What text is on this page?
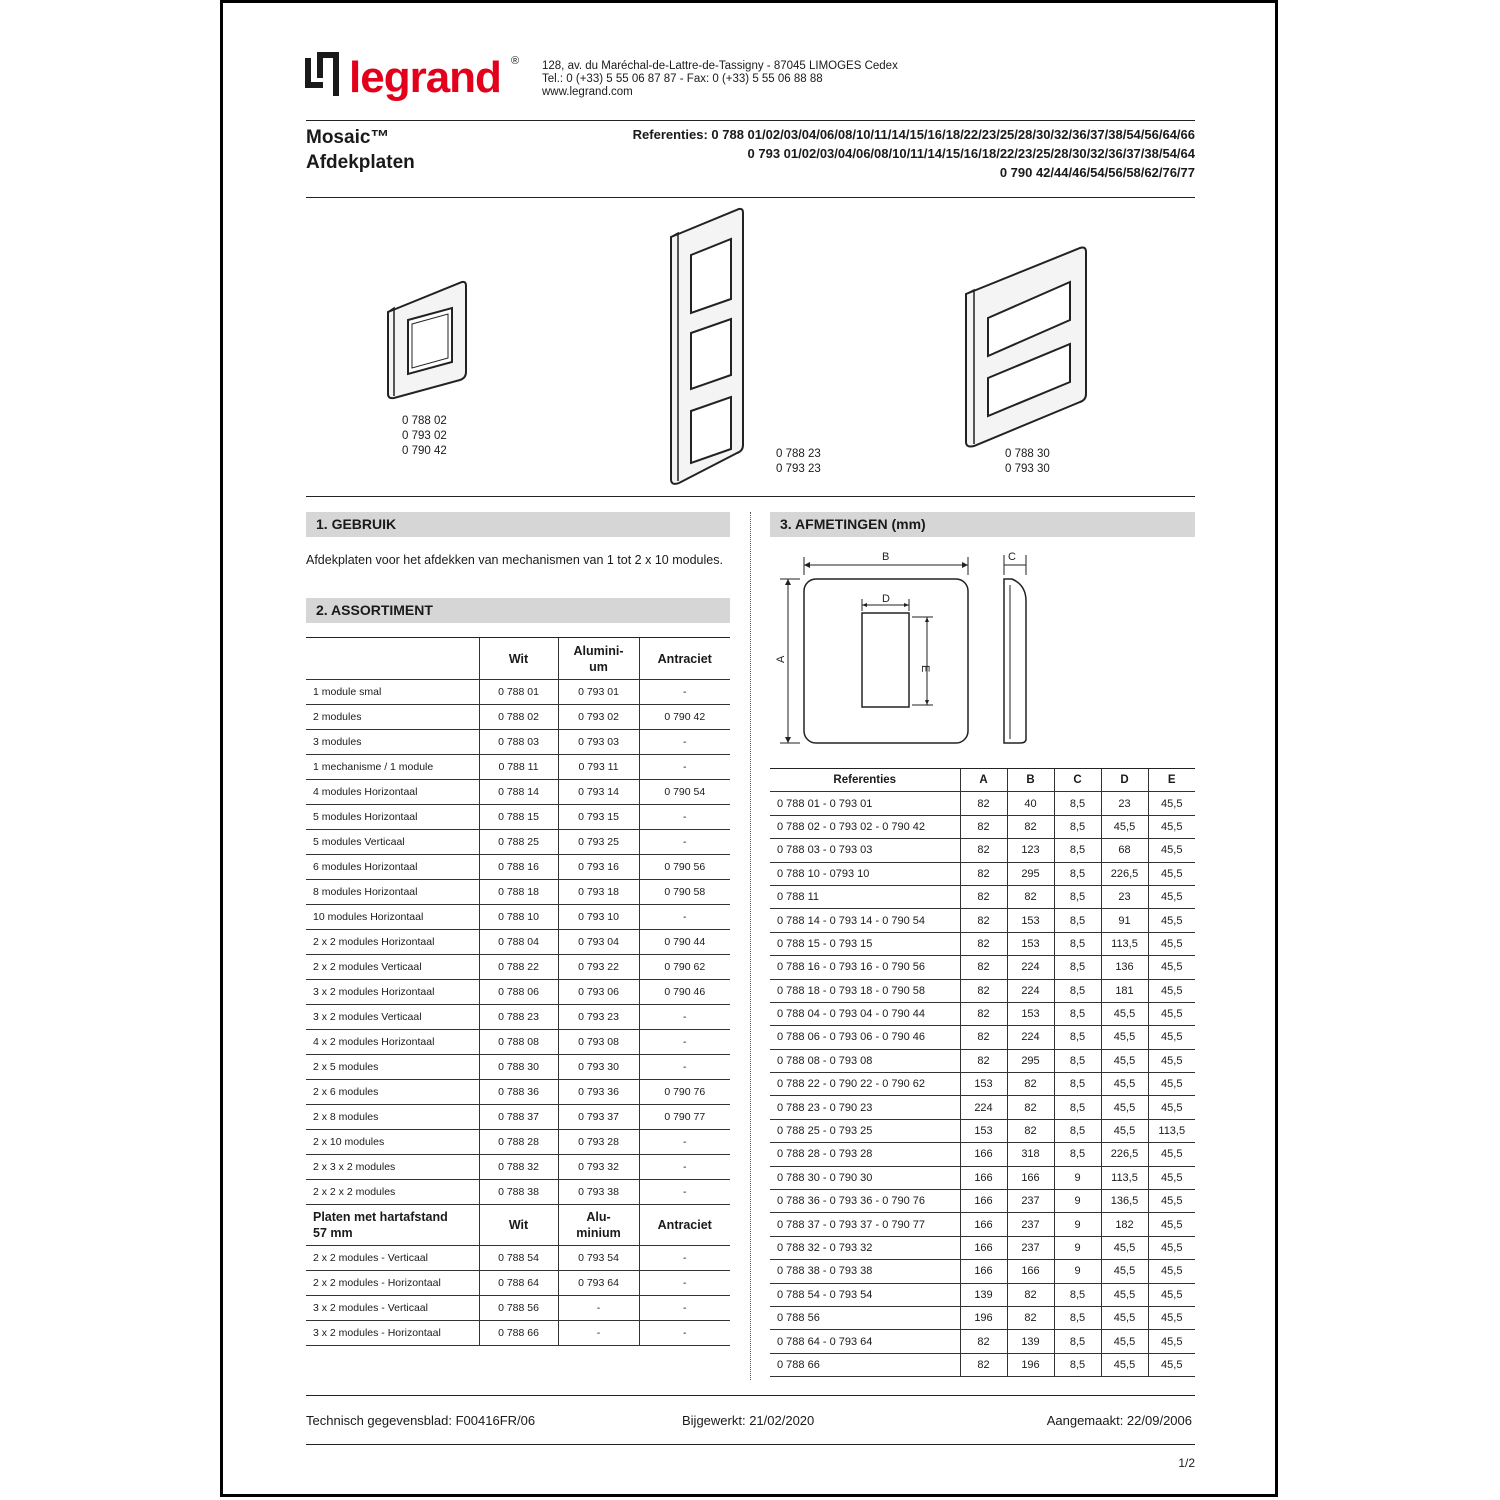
legrand ® 128, av. du Maréchal-de-Lattre-de-Tassigny - 87045 LIMOGES Cedex
Tel.: 0 (+33) 5 55 06 87 87 - Fax: 0 (+33) 5 55 06 88 88
www.legrand.com
Mosaic™
Afdekplaten
Referenties: 0 788 01/02/03/04/06/08/10/11/14/15/16/18/22/23/25/28/30/32/36/37/38/54/56/64/66
0 793 01/02/03/04/06/08/10/11/14/15/16/18/22/23/25/28/30/32/36/37/38/54/64
0 790 42/44/46/54/56/58/62/76/77
0 788 02
0 793 02
0 790 42	0 788 23
0 793 23
0 788 30
0 793 30
1. GEBRUIK
Afdekplaten voor het afdekken van mechanismen van 1 tot 2 x 10 modules.
2. ASSORTIMENT
	Wit	Alumini-um	Antraciet
1 module smal	0 788 01	0 793 01	-
2 modules	0 788 02	0 793 02	0 790 42
3 modules	0 788 03	0 793 03	-
1 mechanisme / 1 module	0 788 11	0 793 11	-
4 modules Horizontaal	0 788 14	0 793 14	0 790 54
5 modules Horizontaal	0 788 15	0 793 15	-
5 modules Verticaal	0 788 25	0 793 25	-
6 modules Horizontaal	0 788 16	0 793 16	0 790 56
8 modules Horizontaal	0 788 18	0 793 18	0 790 58
10 modules Horizontaal	0 788 10	0 793 10	-
2 x 2 modules Horizontaal	0 788 04	0 793 04	0 790 44
2 x 2 modules Verticaal	0 788 22	0 793 22	0 790 62
3 x 2 modules Horizontaal	0 788 06	0 793 06	0 790 46
3 x 2 modules Verticaal	0 788 23	0 793 23	-
4 x 2 modules Horizontaal	0 788 08	0 793 08	-
2 x 5 modules	0 788 30	0 793 30	-
2 x 6 modules	0 788 36	0 793 36	0 790 76
2 x 8 modules	0 788 37	0 793 37	0 790 77
2 x 10 modules	0 788 28	0 793 28	-
2 x 3 x 2 modules	0 788 32	0 793 32	-
2 x 2 x 2 modules	0 788 38	0 793 38	-
Platen met hartafstand 57 mm	Wit	Alu-minium	Antraciet
2 x 2 modules - Verticaal	0 788 54	0 793 54	-
2 x 2 modules - Horizontaal	0 788 64	0 793 64	-
3 x 2 modules - Verticaal	0 788 56	-	-
3 x 2 modules - Horizontaal	0 788 66	-	-
3. AFMETINGEN (mm)
B
A
D
E
C
Referenties	A	B	C	D	E
0 788 01 - 0 793 01	82	40	8,5	23	45,5
0 788 02 - 0 793 02 - 0 790 42	82	82	8,5	45,5	45,5
0 788 03 - 0 793 03	82	123	8,5	68	45,5
0 788 10 - 0793 10	82	295	8,5	226,5	45,5
0 788 11	82	82	8,5	23	45,5
0 788 14 - 0 793 14 - 0 790 54	82	153	8,5	91	45,5
0 788 15 - 0 793 15	82	153	8,5	113,5	45,5
0 788 16 - 0 793 16 - 0 790 56	82	224	8,5	136	45,5
0 788 18 - 0 793 18 - 0 790 58	82	224	8,5	181	45,5
0 788 04 - 0 793 04 - 0 790 44	82	153	8,5	45,5	45,5
0 788 06 - 0 793 06 - 0 790 46	82	224	8,5	45,5	45,5
0 788 08 - 0 793 08	82	295	8,5	45,5	45,5
0 788 22 - 0 790 22 - 0 790 62	153	82	8,5	45,5	45,5
0 788 23 - 0 790 23	224	82	8,5	45,5	45,5
0 788 25 - 0 793 25	153	82	8,5	45,5	113,5
0 788 28 - 0 793 28	166	318	8,5	226,5	45,5
0 788 30 - 0 790 30	166	166	9	113,5	45,5
0 788 36 - 0 793 36 - 0 790 76	166	237	9	136,5	45,5
0 788 37 - 0 793 37 - 0 790 77	166	237	9	182	45,5
0 788 32 - 0 793 32	166	237	9	45,5	45,5
0 788 38 - 0 793 38	166	166	9	45,5	45,5
0 788 54 - 0 793 54	139	82	8,5	45,5	45,5
0 788 56	196	82	8,5	45,5	45,5
0 788 64 - 0 793 64	82	139	8,5	45,5	45,5
0 788 66	82	196	8,5	45,5	45,5
Technisch gegevensblad: F00416FR/06	Bijgewerkt: 21/02/2020	Aangemaakt: 22/09/2006
1/2
